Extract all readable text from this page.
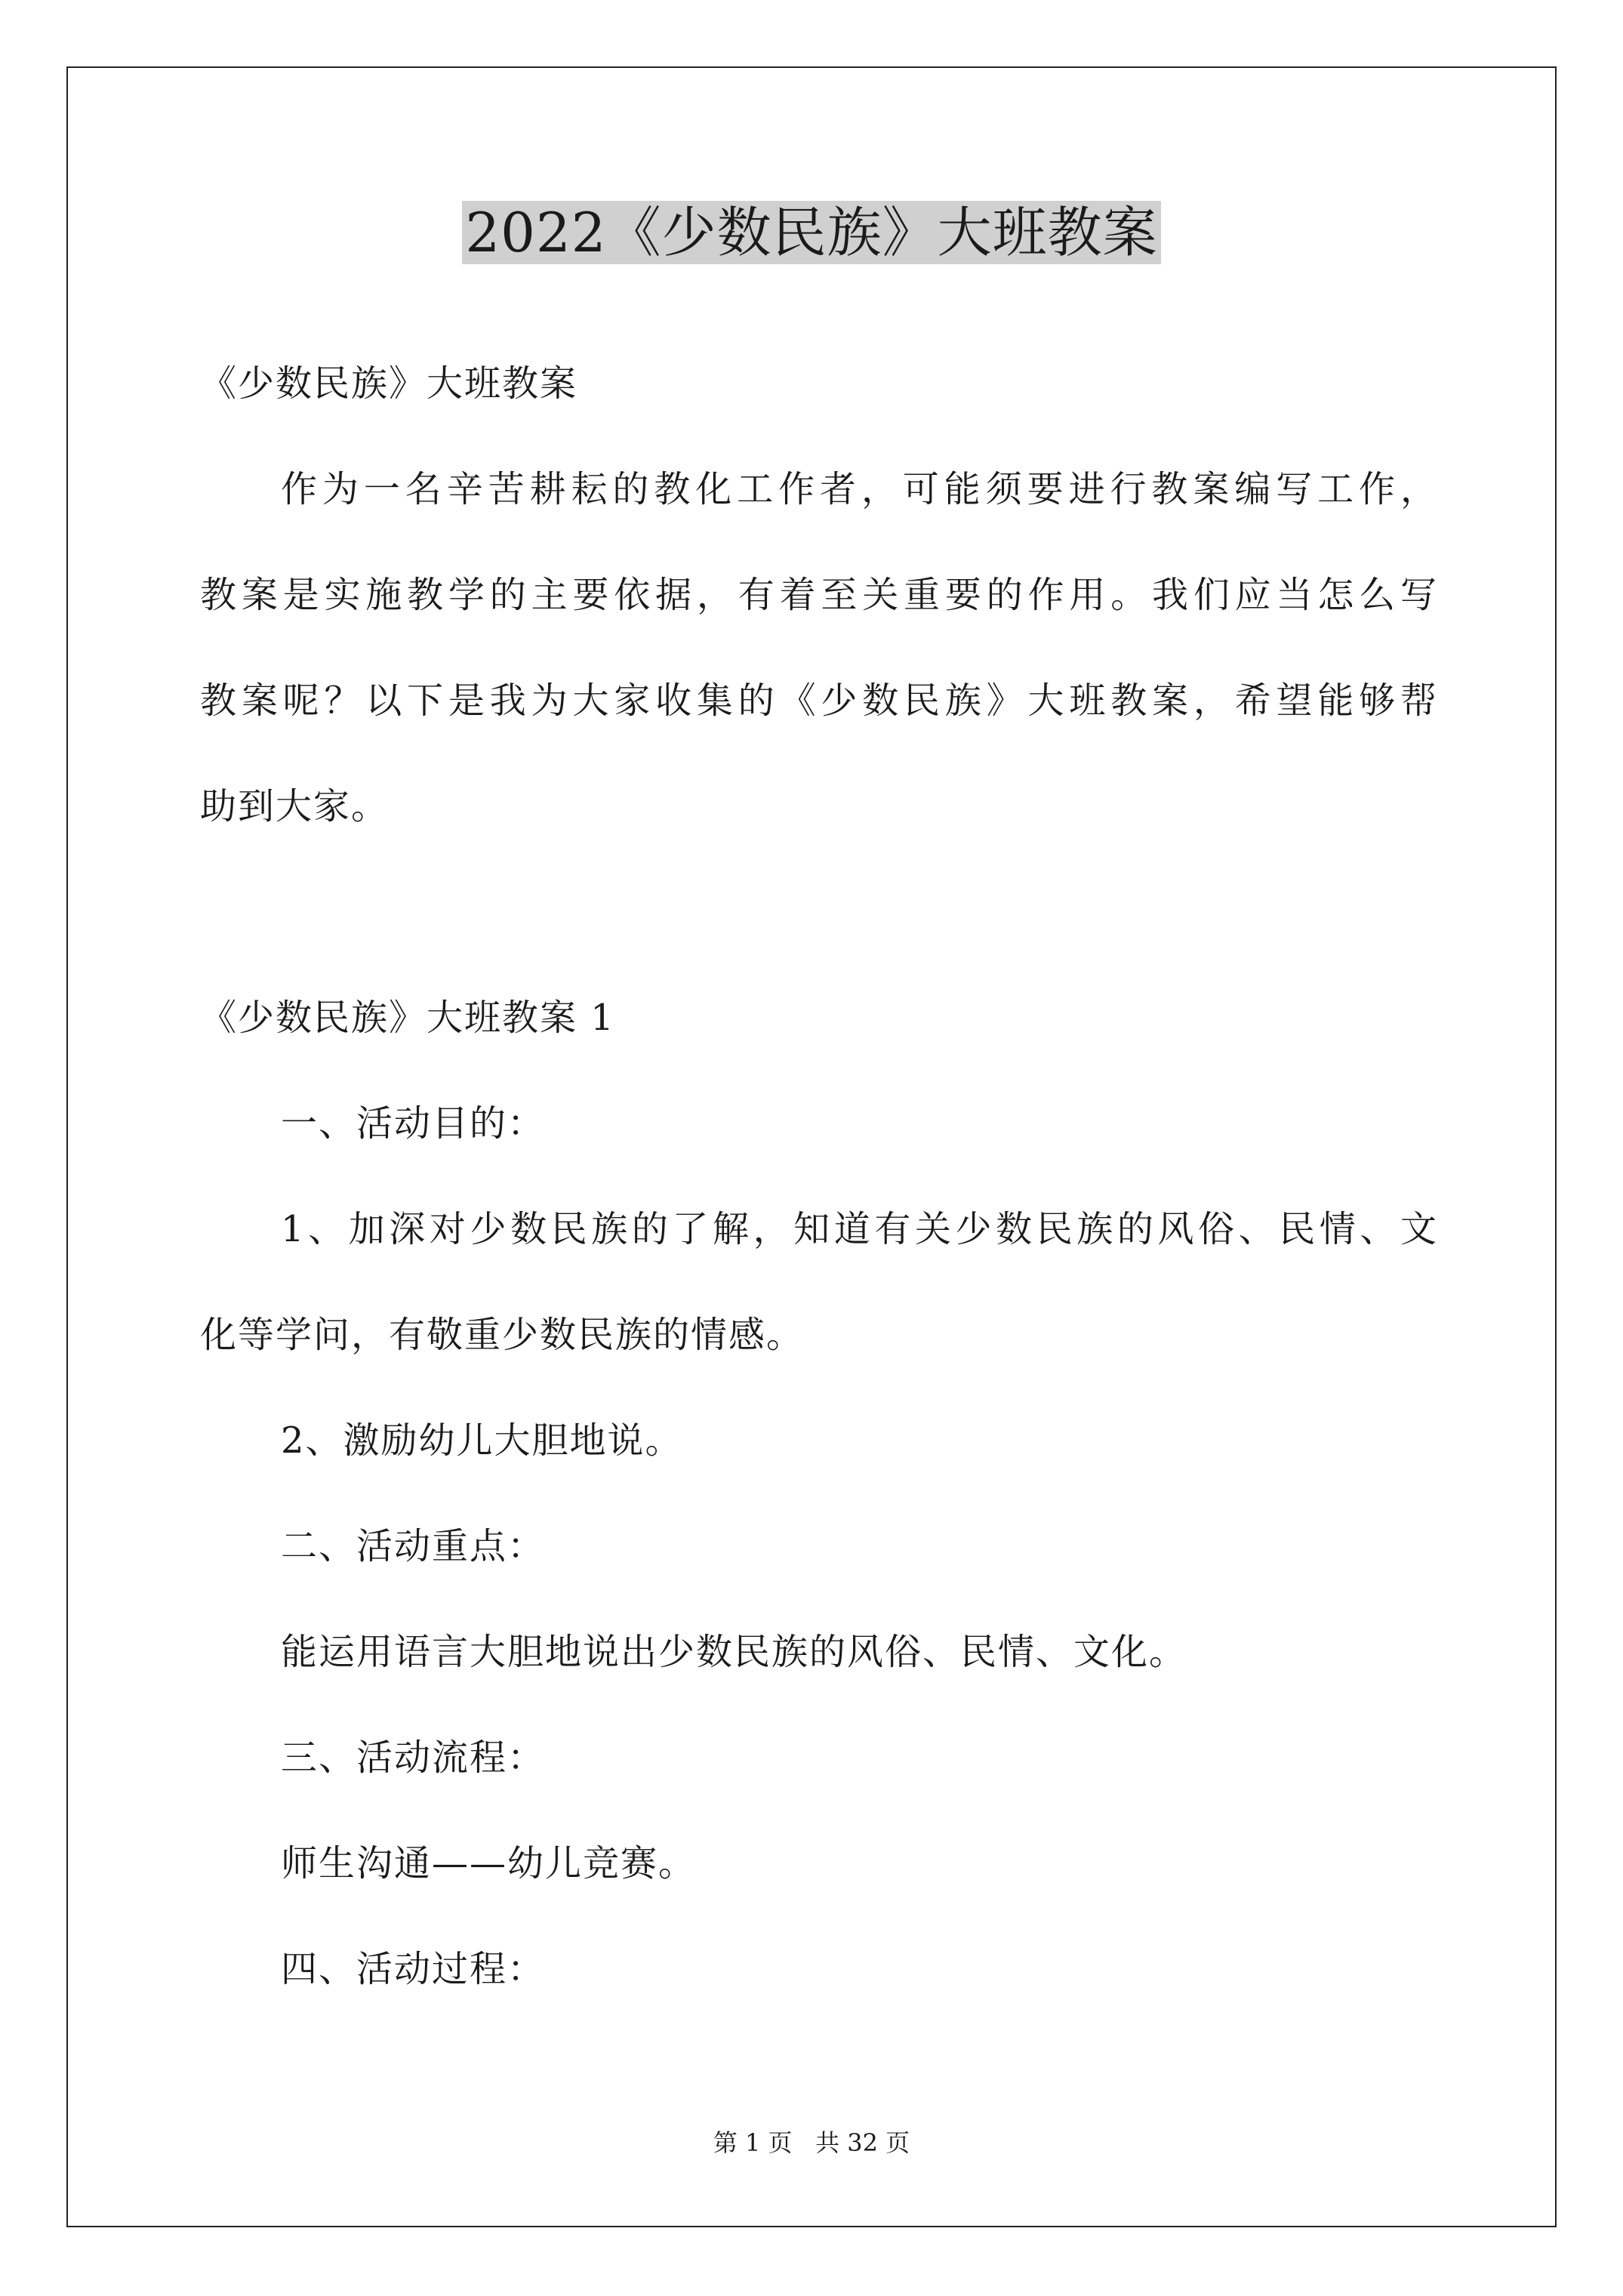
2022《少数民族》大班教案
《少数民族》大班教案
作为一名辛苦耕耘的教化工作者，可能须要进行教案编写工作，
教案是实施教学的主要依据，有着至关重要的作用。我们应当怎么写
教案呢？以下是我为大家收集的《少数民族》大班教案，希望能够帮
助到大家。
《少数民族》大班教案 1
一、活动目的：
1、加深对少数民族的了解，知道有关少数民族的风俗、民情、文
化等学问，有敬重少数民族的情感。
2、激励幼儿大胆地说。
二、活动重点：
能运用语言大胆地说出少数民族的风俗、民情、文化。
三、活动流程：
师生沟通——幼儿竞赛。
四、活动过程：
第 1 页   共 32 页
